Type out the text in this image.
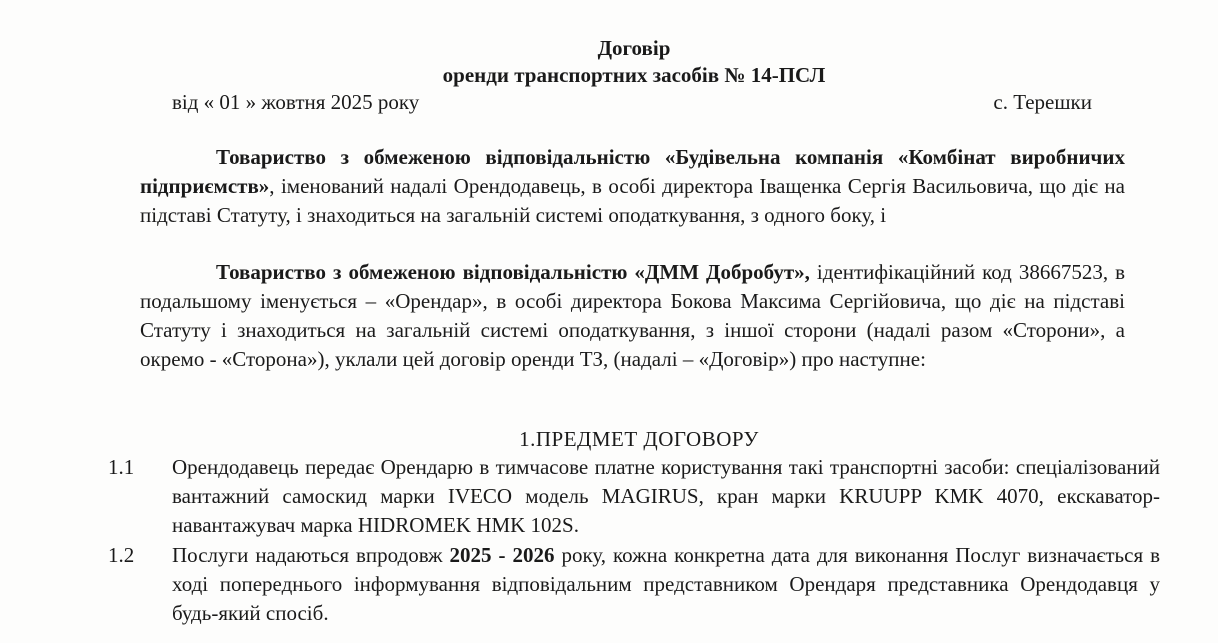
Договір
оренди транспортних засобів № 14-ПСЛ
від « 01 » жовтня 2025 року	с. Терешки

Товариство з обмеженою відповідальністю «Будівельна компанія «Комбінат виробничих підприємств», іменований надалі Орендодавець, в особі директора Іващенка Сергія Васильовича, що діє на підставі Статуту, і знаходиться на загальній системі оподаткування, з одного боку, і

Товариство з обмеженою відповідальністю «ДММ Добробут», ідентифікаційний код 38667523, в подальшому іменується – «Орендар», в особі директора Бокова Максима Сергійовича, що діє на підставі Статуту і знаходиться на загальній системі оподаткування, з іншої сторони (надалі разом «Сторони», а окремо - «Сторона»), уклали цей договір оренди ТЗ, (надалі – «Договір») про наступне:

1.ПРЕДМЕТ ДОГОВОРУ

1.1 Орендодавець передає Орендарю в тимчасове платне користування такі транспортні засоби: спеціалізований вантажний самоскид марки IVECO модель MAGIRUS, кран марки KRUUPP KMK 4070, екскаватор-навантажувач марка HIDROMEK HMK 102S.

1.2 Послуги надаються впродовж 2025 - 2026 року, кожна конкретна дата для виконання Послуг визначається в ході попереднього інформування відповідальним представником Орендаря представника Орендодавця у будь-який спосіб.
